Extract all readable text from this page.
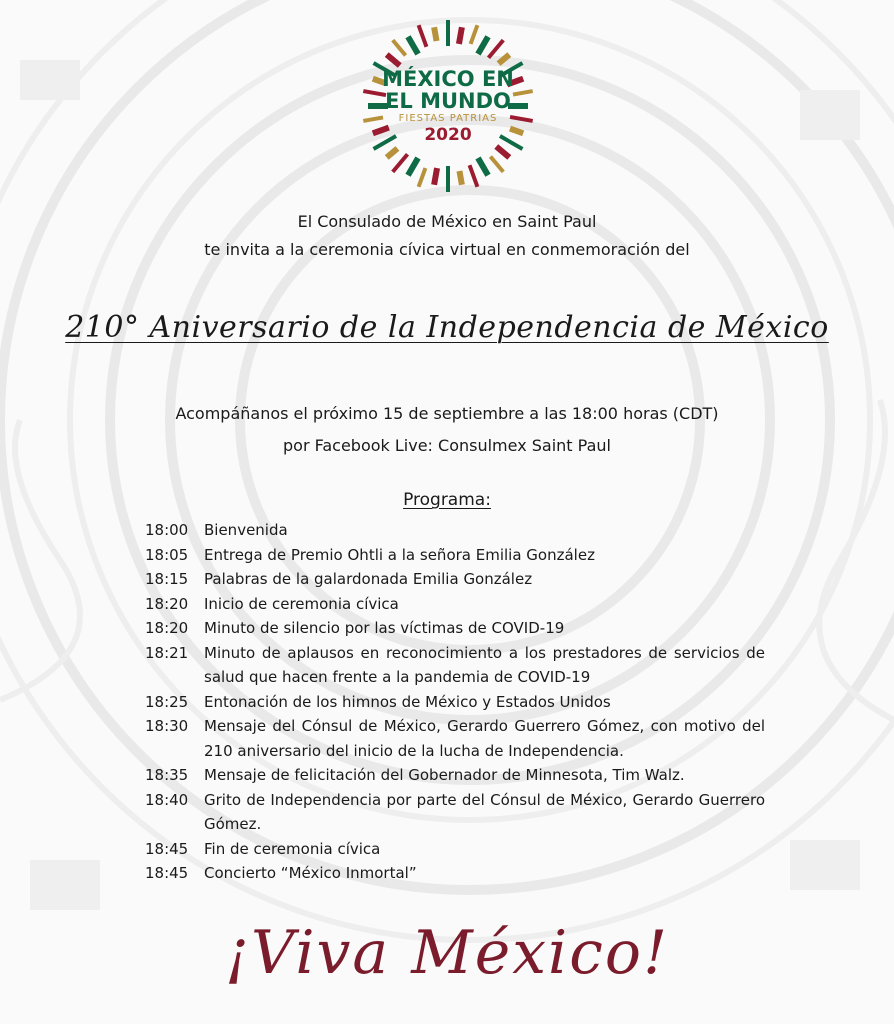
MÉXICO EN
EL MUNDO
FIESTAS PATRIAS
2020
El Consulado de México en Saint Paul
te invita a la ceremonia cívica virtual en conmemoración del
210° Aniversario de la Independencia de México
Acompáñanos el próximo 15 de septiembre a las 18:00 horas (CDT)
por Facebook Live: Consulmex Saint Paul
Programa:
18:00	Bienvenida
18:05	Entrega de Premio Ohtli a la señora Emilia González
18:15	Palabras de la galardonada Emilia González
18:20	Inicio de ceremonia cívica
18:20	Minuto de silencio por las víctimas de COVID-19
18:21	Minuto de aplausos en reconocimiento a los prestadores de servicios de salud que hacen frente a la pandemia de COVID-19
18:25	Entonación de los himnos de México y Estados Unidos
18:30	Mensaje del Cónsul de México, Gerardo Guerrero Gómez, con motivo del 210 aniversario del inicio de la lucha de Independencia.
18:35	Mensaje de felicitación del Gobernador de Minnesota, Tim Walz.
18:40	Grito de Independencia por parte del Cónsul de México, Gerardo Guerrero Gómez.
18:45	Fin de ceremonia cívica
18:45	Concierto “México Inmortal”
¡Viva México!
